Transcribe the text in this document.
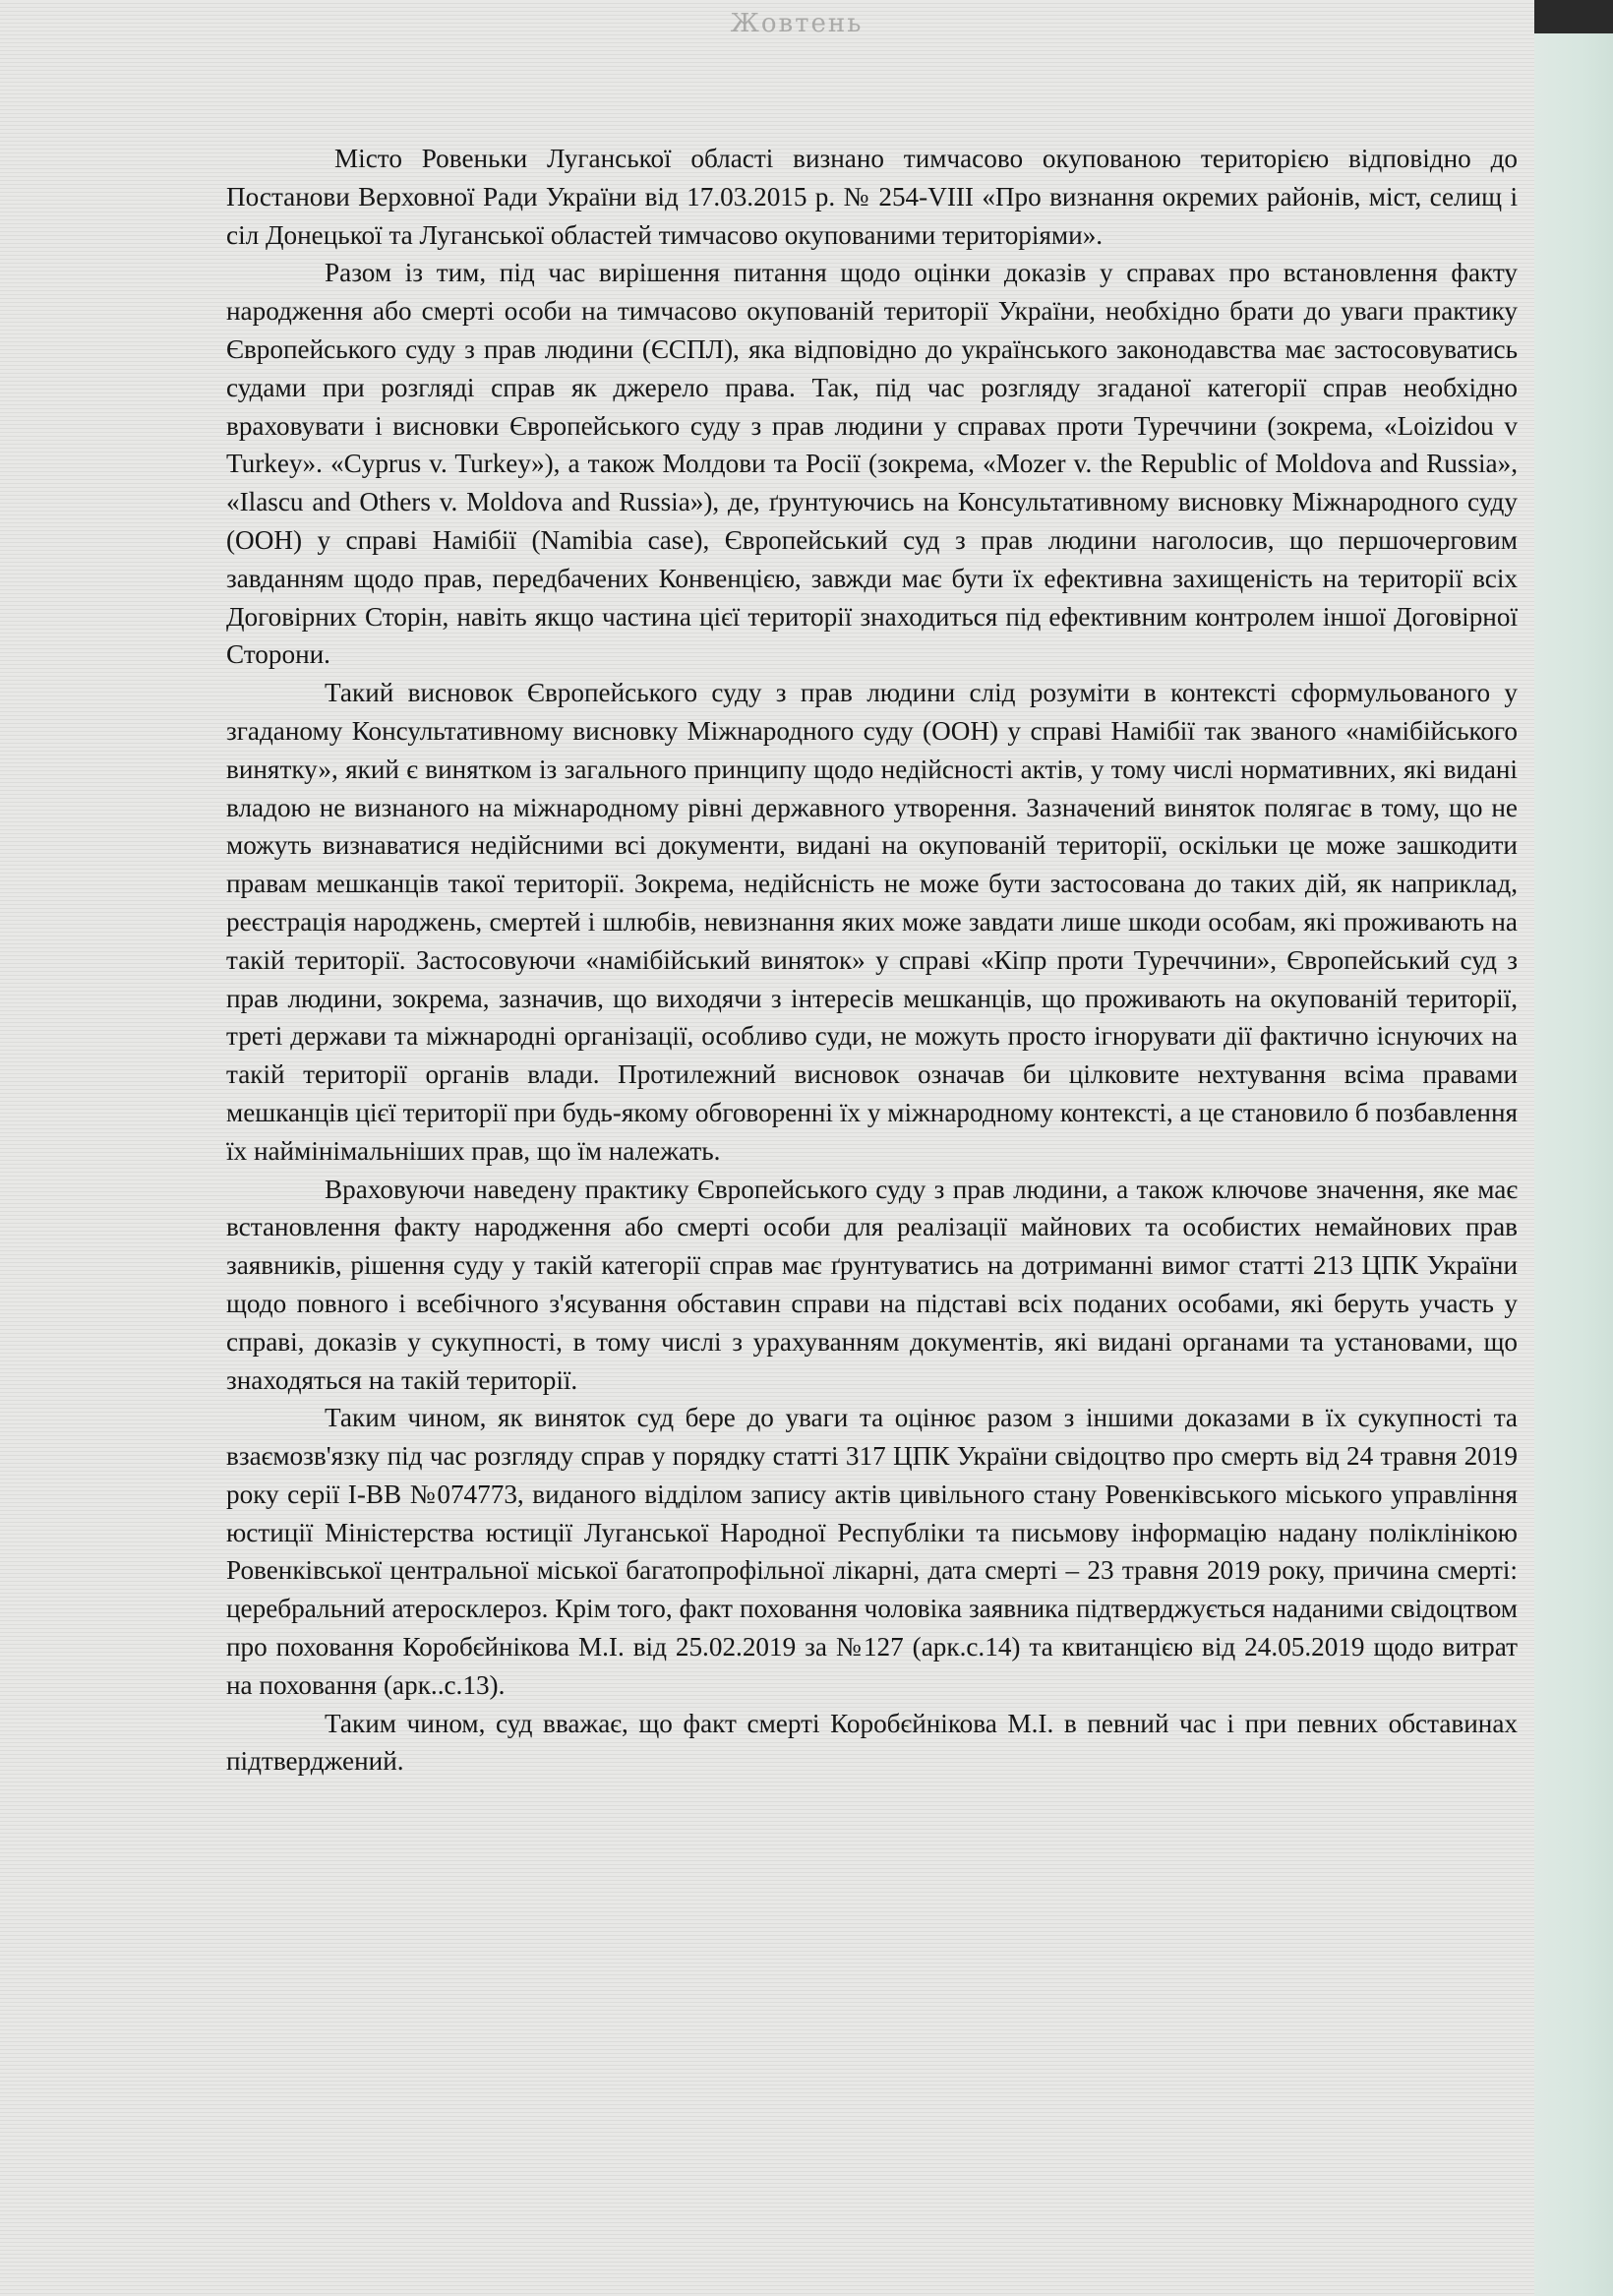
Жовтень

Місто Ровеньки Луганської області визнано тимчасово окупованою територією відповідно до Постанови Верховної Ради України від 17.03.2015 р. № 254-VIII «Про визнання окремих районів, міст, селищ і сіл Донецької та Луганської областей тимчасово окупованими територіями».

Разом із тим, під час вирішення питання щодо оцінки доказів у справах про встановлення факту народження або смерті особи на тимчасово окупованій території України, необхідно брати до уваги практику Європейського суду з прав людини (ЄСПЛ), яка відповідно до українського законодавства має застосовуватись судами при розгляді справ як джерело права. Так, під час розгляду згаданої категорії справ необхідно враховувати і висновки Європейського суду з прав людини у справах проти Туреччини (зокрема, «Loizidou v Turkey». «Cyprus v. Turkey»), а також Молдови та Росії (зокрема, «Mozer v. the Republic of Moldova and Russia», «Ilascu and Others v. Moldova and Russia»), де, ґрунтуючись на Консультативному висновку Міжнародного суду (ООН) у справі Намібії (Namibia case), Європейський суд з прав людини наголосив, що першочерговим завданням щодо прав, передбачених Конвенцією, завжди має бути їх ефективна захищеність на території всіх Договірних Сторін, навіть якщо частина цієї території знаходиться під ефективним контролем іншої Договірної Сторони.

Такий висновок Європейського суду з прав людини слід розуміти в контексті сформульованого у згаданому Консультативному висновку Міжнародного суду (ООН) у справі Намібії так званого «намібійського винятку», який є винятком із загального принципу щодо недійсності актів, у тому числі нормативних, які видані владою не визнаного на міжнародному рівні державного утворення. Зазначений виняток полягає в тому, що не можуть визнаватися недійсними всі документи, видані на окупованій території, оскільки це може зашкодити правам мешканців такої території. Зокрема, недійсність не може бути застосована до таких дій, як наприклад, реєстрація народжень, смертей і шлюбів, невизнання яких може завдати лише шкоди особам, які проживають на такій території. Застосовуючи «намібійський виняток» у справі «Кіпр проти Туреччини», Європейський суд з прав людини, зокрема, зазначив, що виходячи з інтересів мешканців, що проживають на окупованій території, треті держави та міжнародні організації, особливо суди, не можуть просто ігнорувати дії фактично існуючих на такій території органів влади. Протилежний висновок означав би цілковите нехтування всіма правами мешканців цієї території при будь-якому обговоренні їх у міжнародному контексті, а це становило б позбавлення їх наймінімальніших прав, що їм належать.

Враховуючи наведену практику Європейського суду з прав людини, а також ключове значення, яке має встановлення факту народження або смерті особи для реалізації майнових та особистих немайнових прав заявників, рішення суду у такій категорії справ має ґрунтуватись на дотриманні вимог статті 213 ЦПК України щодо повного і всебічного з'ясування обставин справи на підставі всіх поданих особами, які беруть участь у справі, доказів у сукупності, в тому числі з урахуванням документів, які видані органами та установами, що знаходяться на такій території.

Таким чином, як виняток суд бере до уваги та оцінює разом з іншими доказами в їх сукупності та взаємозв'язку під час розгляду справ у порядку статті 317 ЦПК України свідоцтво про смерть від 24 травня 2019 року серії І-ВВ №074773, виданого відділом запису актів цивільного стану Ровенківського міського управління юстиції Міністерства юстиції Луганської Народної Республіки та письмову інформацію надану поліклінікою Ровенківської центральної міської багатопрофільної лікарні, дата смерті – 23 травня 2019 року, причина смерті: церебральний атеросклероз. Крім того, факт поховання чоловіка заявника підтверджується наданими свідоцтвом про поховання Коробєйнікова М.І. від 25.02.2019 за №127 (арк.с.14) та квитанцією від 24.05.2019 щодо витрат на поховання (арк..с.13).

Таким чином, суд вважає, що факт смерті Коробєйнікова М.І. в певний час і при певних обставинах підтверджений.
